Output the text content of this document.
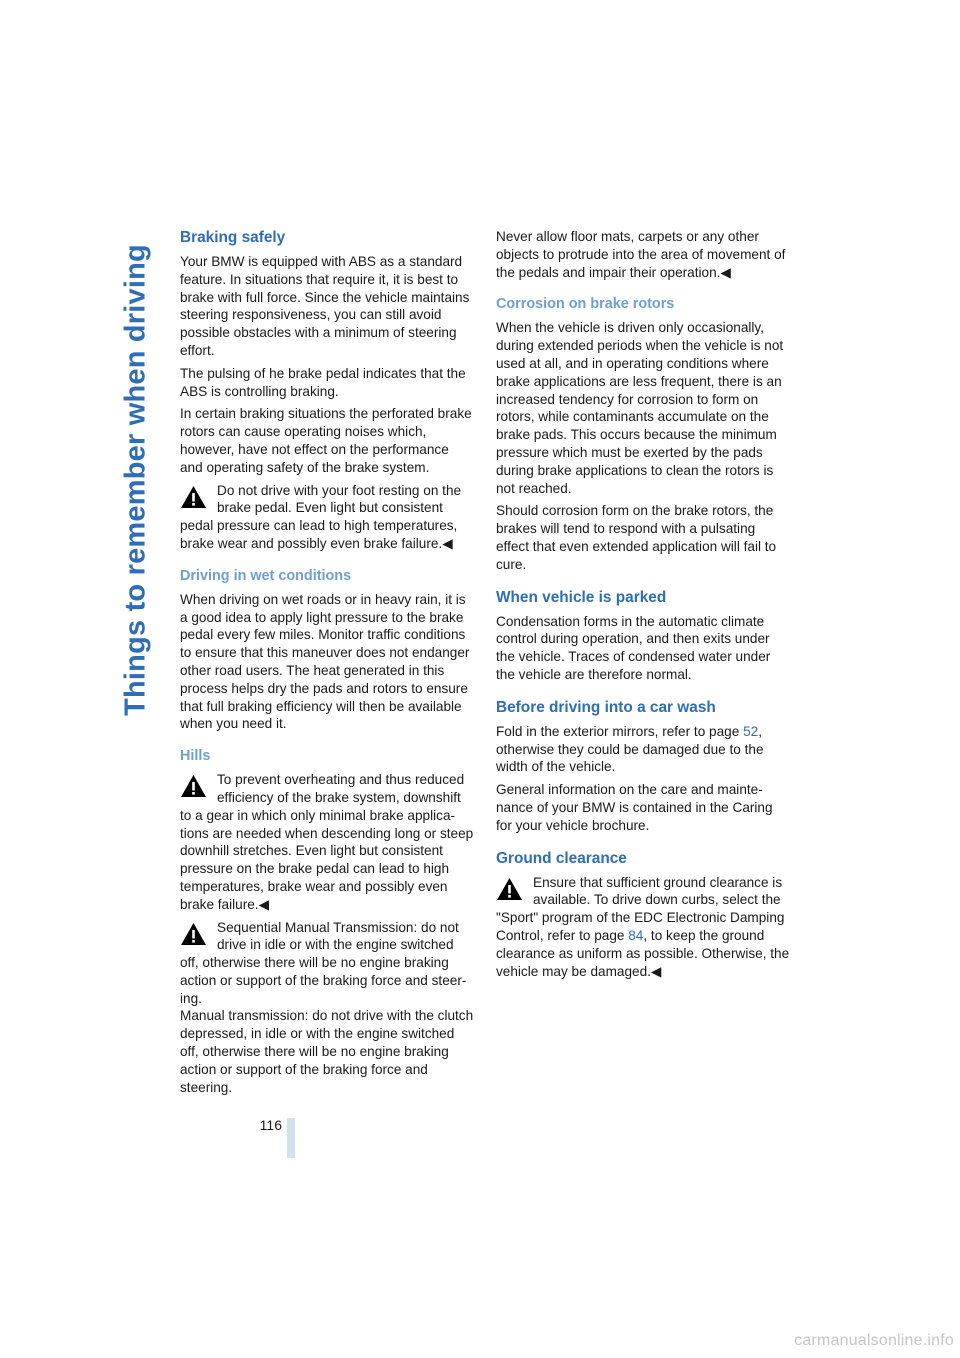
Things to remember when driving
Braking safely

Your BMW is equipped with ABS as a standard feature. In situations that require it, it is best to brake with full force. Since the vehicle maintains steering responsiveness, you can still avoid possible obstacles with a minimum of steering effort.

The pulsing of he brake pedal indicates that the ABS is controlling braking.

In certain braking situations the perforated brake rotors can cause operating noises which, however, have not effect on the performance and operating safety of the brake system.

Do not drive with your foot resting on the brake pedal. Even light but consistent pedal pressure can lead to high temperatures, brake wear and possibly even brake failure.◀

Driving in wet conditions

When driving on wet roads or in heavy rain, it is a good idea to apply light pressure to the brake pedal every few miles. Monitor traffic conditions to ensure that this maneuver does not endanger other road users. The heat generated in this process helps dry the pads and rotors to ensure that full braking efficiency will then be available when you need it.

Hills

To prevent overheating and thus reduced efficiency of the brake system, downshift to a gear in which only minimal brake applications are needed when descending long or steep downhill stretches. Even light but consistent pressure on the brake pedal can lead to high temperatures, brake wear and possibly even brake failure.◀

Sequential Manual Transmission: do not drive in idle or with the engine switched off, otherwise there will be no engine braking action or support of the braking force and steering.

Manual transmission: do not drive with the clutch depressed, in idle or with the engine switched off, otherwise there will be no engine braking action or support of the braking force and steering.

Never allow floor mats, carpets or any other objects to protrude into the area of movement of the pedals and impair their operation.◀

Corrosion on brake rotors

When the vehicle is driven only occasionally, during extended periods when the vehicle is not used at all, and in operating conditions where brake applications are less frequent, there is an increased tendency for corrosion to form on rotors, while contaminants accumulate on the brake pads. This occurs because the minimum pressure which must be exerted by the pads during brake applications to clean the rotors is not reached.

Should corrosion form on the brake rotors, the brakes will tend to respond with a pulsating effect that even extended application will fail to cure.

When vehicle is parked

Condensation forms in the automatic climate control during operation, and then exits under the vehicle. Traces of condensed water under the vehicle are therefore normal.

Before driving into a car wash

Fold in the exterior mirrors, refer to page 52, otherwise they could be damaged due to the width of the vehicle.

General information on the care and maintenance of your BMW is contained in the Caring for your vehicle brochure.

Ground clearance

Ensure that sufficient ground clearance is available. To drive down curbs, select the "Sport" program of the EDC Electronic Damping Control, refer to page 84, to keep the ground clearance as uniform as possible. Otherwise, the vehicle may be damaged.◀

116
carmanualsonline.info
